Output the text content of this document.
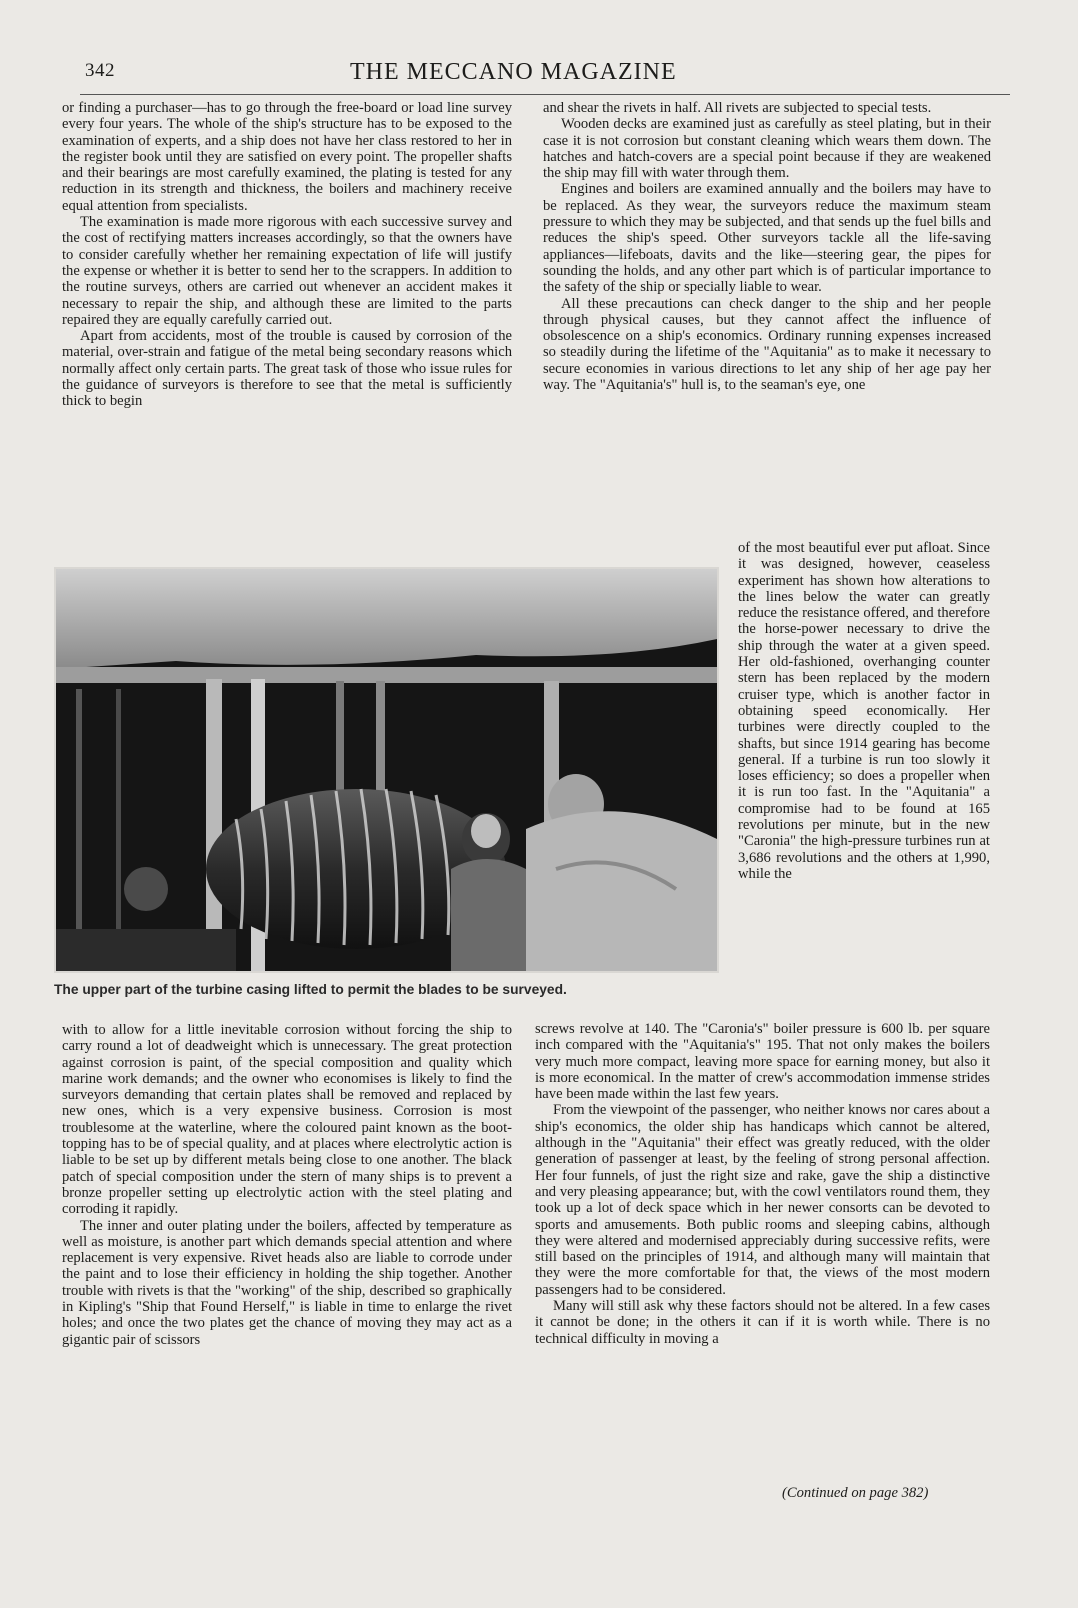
342	THE MECCANO MAGAZINE

or finding a purchaser—has to go through the free-board or load line survey every four years. The whole of the ship's structure has to be exposed to the examination of experts, and a ship does not have her class restored to her in the register book until they are satisfied on every point. The propeller shafts and their bearings are most carefully examined, the plating is tested for any reduction in its strength and thickness, the boilers and machinery receive equal attention from specialists.

The examination is made more rigorous with each successive survey and the cost of rectifying matters increases accordingly, so that the owners have to consider carefully whether her remaining expectation of life will justify the expense or whether it is better to send her to the scrappers. In addition to the routine surveys, others are carried out whenever an accident makes it necessary to repair the ship, and although these are limited to the parts repaired they are equally carefully carried out.

Apart from accidents, most of the trouble is caused by corrosion of the material, over-strain and fatigue of the metal being secondary reasons which normally affect only certain parts. The great task of those who issue rules for the guidance of surveyors is therefore to see that the metal is sufficiently thick to begin

and shear the rivets in half. All rivets are subjected to special tests.

Wooden decks are examined just as carefully as steel plating, but in their case it is not corrosion but constant cleaning which wears them down. The hatches and hatch-covers are a special point because if they are weakened the ship may fill with water through them.

Engines and boilers are examined annually and the boilers may have to be replaced. As they wear, the surveyors reduce the maximum steam pressure to which they may be subjected, and that sends up the fuel bills and reduces the ship's speed. Other surveyors tackle all the life-saving appliances—lifeboats, davits and the like—steering gear, the pipes for sounding the holds, and any other part which is of particular importance to the safety of the ship or specially liable to wear.

All these precautions can check danger to the ship and her people through physical causes, but they cannot affect the influence of obsolescence on a ship's economics. Ordinary running expenses increased so steadily during the lifetime of the "Aquitania" as to make it necessary to secure economies in various directions to let any ship of her age pay her way. The "Aquitania's" hull is, to the seaman's eye, one

The upper part of the turbine casing lifted to permit the blades to be surveyed.

of the most beautiful ever put afloat. Since it was designed, however, ceaseless experiment has shown how alterations to the lines below the water can greatly reduce the resistance offered, and therefore the horse-power necessary to drive the ship through the water at a given speed. Her old-fashioned, overhanging counter stern has been replaced by the modern cruiser type, which is another factor in obtaining speed economically. Her turbines were directly coupled to the shafts, but since 1914 gearing has become general. If a turbine is run too slowly it loses efficiency; so does a propeller when it is run too fast. In the "Aquitania" a compromise had to be found at 165 revolutions per minute, but in the new "Caronia" the high-pressure turbines run at 3,686 revolutions and the others at 1,990, while the

with to allow for a little inevitable corrosion without forcing the ship to carry round a lot of deadweight which is unnecessary. The great protection against corrosion is paint, of the special composition and quality which marine work demands; and the owner who economises is likely to find the surveyors demanding that certain plates shall be removed and replaced by new ones, which is a very expensive business. Corrosion is most troublesome at the waterline, where the coloured paint known as the boot-topping has to be of special quality, and at places where electrolytic action is liable to be set up by different metals being close to one another. The black patch of special composition under the stern of many ships is to prevent a bronze propeller setting up electrolytic action with the steel plating and corroding it rapidly.

The inner and outer plating under the boilers, affected by temperature as well as moisture, is another part which demands special attention and where replacement is very expensive. Rivet heads also are liable to corrode under the paint and to lose their efficiency in holding the ship together. Another trouble with rivets is that the "working" of the ship, described so graphically in Kipling's "Ship that Found Herself," is liable in time to enlarge the rivet holes; and once the two plates get the chance of moving they may act as a gigantic pair of scissors

screws revolve at 140. The "Caronia's" boiler pressure is 600 lb. per square inch compared with the "Aquitania's" 195. That not only makes the boilers very much more compact, leaving more space for earning money, but also it is more economical. In the matter of crew's accommodation immense strides have been made within the last few years.

From the viewpoint of the passenger, who neither knows nor cares about a ship's economics, the older ship has handicaps which cannot be altered, although in the "Aquitania" their effect was greatly reduced, with the older generation of passenger at least, by the feeling of strong personal affection. Her four funnels, of just the right size and rake, gave the ship a distinctive and very pleasing appearance; but, with the cowl ventilators round them, they took up a lot of deck space which in her newer consorts can be devoted to sports and amusements. Both public rooms and sleeping cabins, although they were altered and modernised appreciably during successive refits, were still based on the principles of 1914, and although many will maintain that they were the more comfortable for that, the views of the most modern passengers had to be considered.

Many will still ask why these factors should not be altered. In a few cases it cannot be done; in the others it can if it is worth while. There is no technical difficulty in moving a

(Continued on page 382)
